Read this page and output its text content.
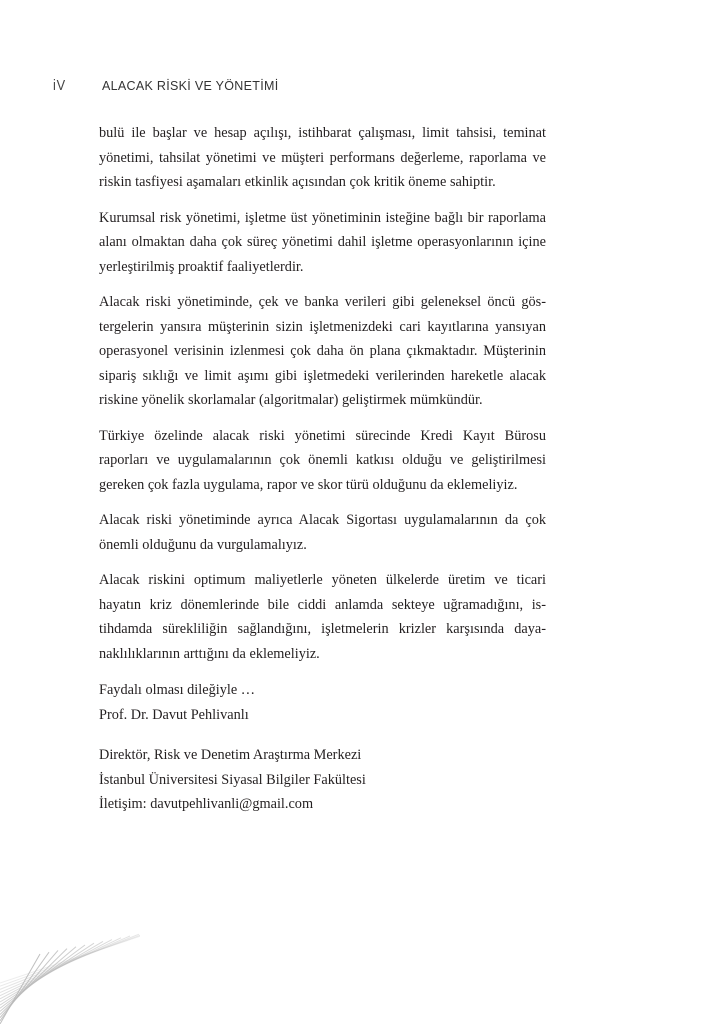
iV	ALACAK RİSKİ VE YÖNETİMİ

bulü ile başlar ve hesap açılışı, istihbarat çalışması, limit tahsisi, teminat yönetimi, tahsilat yönetimi ve müşteri performans değerleme, raporlama ve riskin tasfiyesi aşamaları etkinlik açısından çok kritik öneme sahiptir.

Kurumsal risk yönetimi, işletme üst yönetiminin isteğine bağlı bir raporlama alanı olmaktan daha çok süreç yönetimi dahil işletme operasyonlarının içine yerleştirilmiş proaktif faaliyetlerdir.

Alacak riski yönetiminde, çek ve banka verileri gibi geleneksel öncü göstergelerin yansıra müşterinin sizin işletmenizdeki cari kayıtlarına yansıyan operasyonel verisinin izlenmesi çok daha ön plana çıkmaktadır. Müşterinin sipariş sıklığı ve limit aşımı gibi işletmedeki verilerinden hareketle alacak riskine yönelik skorlamalar (algoritmalar) geliştirmek mümkündür.

Türkiye özelinde alacak riski yönetimi sürecinde Kredi Kayıt Bürosu raporları ve uygulamalarının çok önemli katkısı olduğu ve geliştirilmesi gereken çok fazla uygulama, rapor ve skor türü olduğunu da eklemeliyiz.

Alacak riski yönetiminde ayrıca Alacak Sigortası uygulamalarının da çok önemli olduğunu da vurgulamalıyız.

Alacak riskini optimum maliyetlerle yöneten ülkelerde üretim ve ticari hayatın kriz dönemlerinde bile ciddi anlamda sekteye uğramadığını, istihdamda sürekliliğin sağlandığını, işletmelerin krizler karşısında dayanaklılıklarının arttığını da eklemeliyiz.

Faydalı olması dileğiyle …
Prof. Dr. Davut Pehlivanlı
Direktör, Risk ve Denetim Araştırma Merkezi
İstanbul Üniversitesi Siyasal Bilgiler Fakültesi
İletişim: davutpehlivanli@gmail.com
